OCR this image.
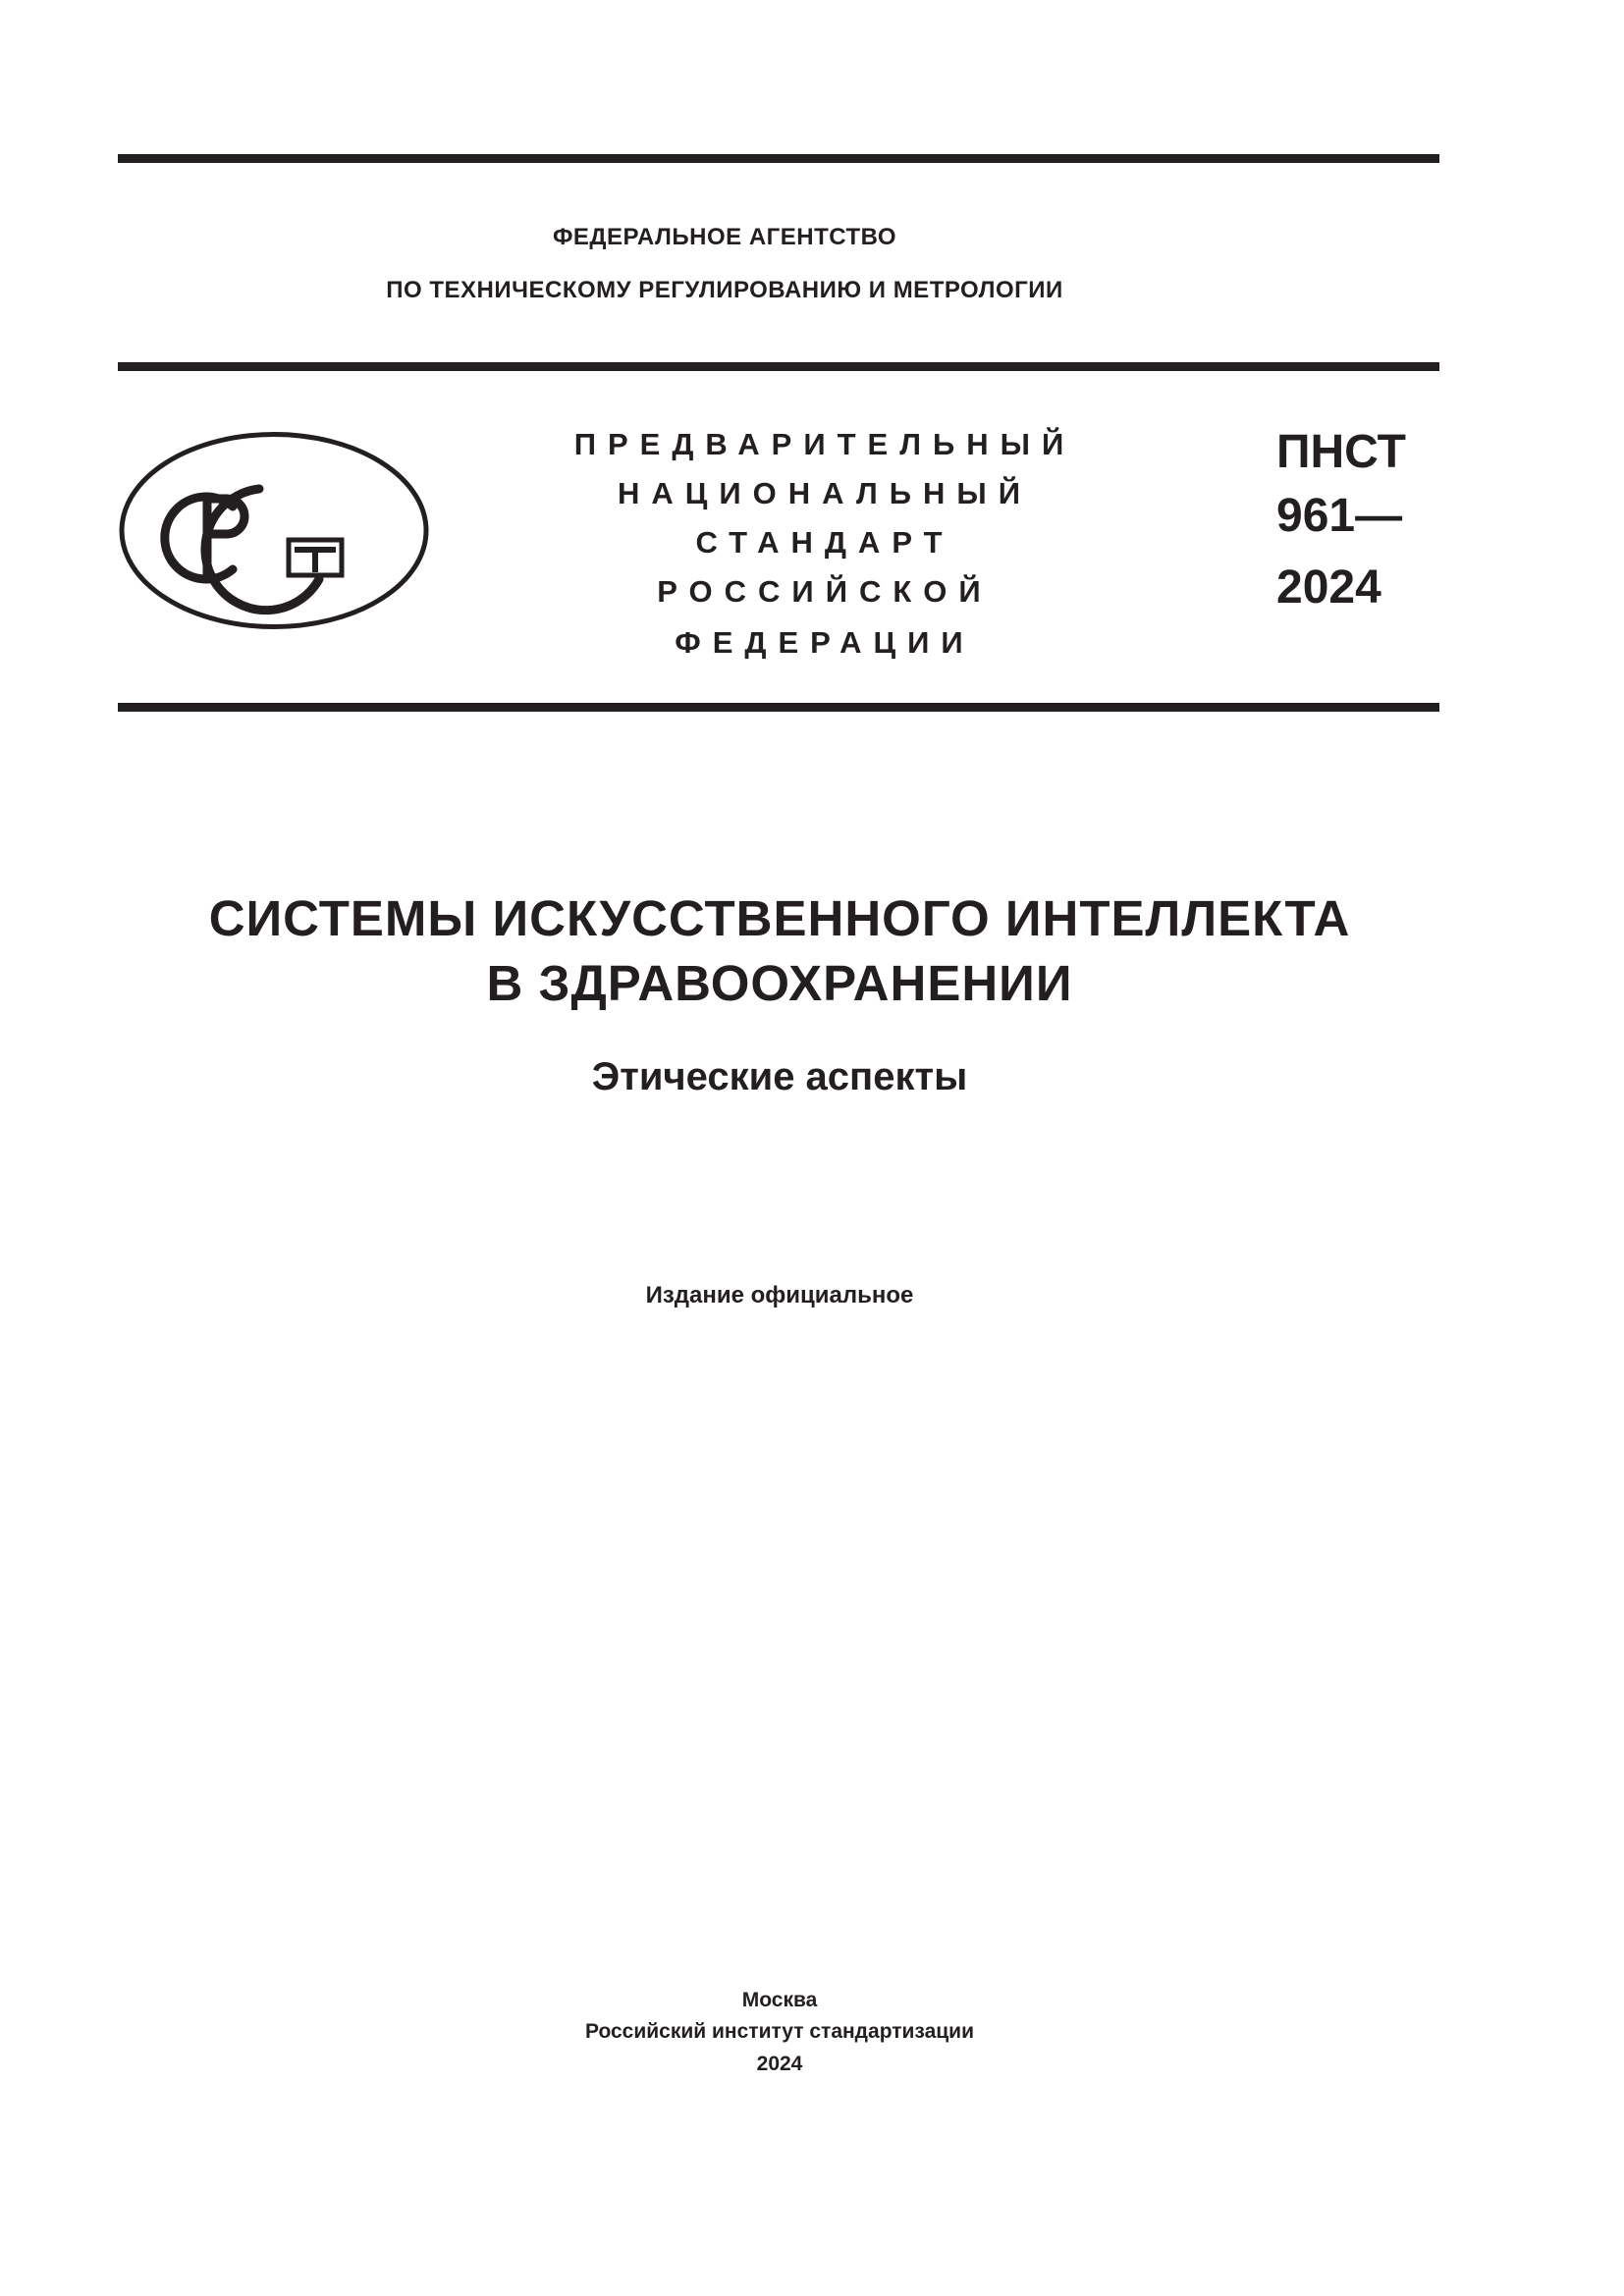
ФЕДЕРАЛЬНОЕ АГЕНТСТВО
ПО ТЕХНИЧЕСКОМУ РЕГУЛИРОВАНИЮ И МЕТРОЛОГИИ
ПРЕДВАРИТЕЛЬНЫЙ
НАЦИОНАЛЬНЫЙ
СТАНДАРТ
РОССИЙСКОЙ
ФЕДЕРАЦИИ
ПНСТ
961—
2024
СИСТЕМЫ ИСКУССТВЕННОГО ИНТЕЛЛЕКТА
В ЗДРАВООХРАНЕНИИ
Этические аспекты
Издание официальное
Москва
Российский институт стандартизации
2024
